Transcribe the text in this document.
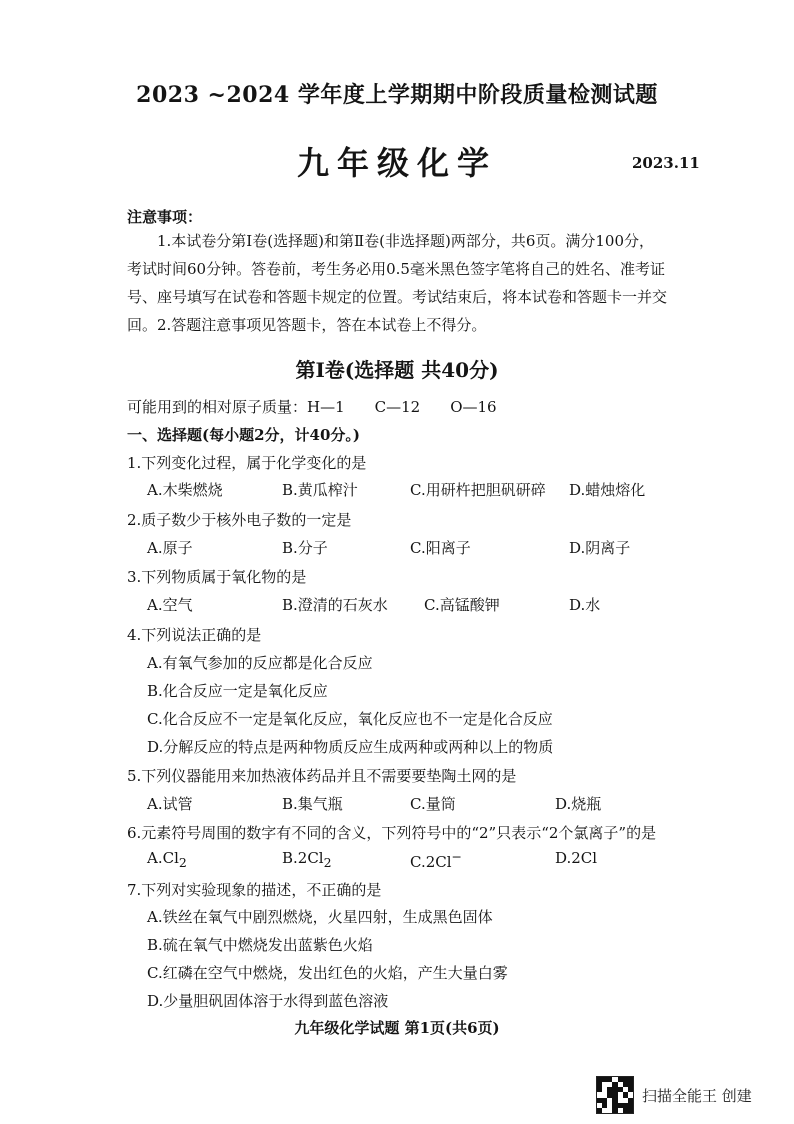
2023 ~2024 学年度上学期期中阶段质量检测试题
九年级化学	2023.11
注意事项：
1.本试卷分第Ⅰ卷(选择题)和第Ⅱ卷(非选择题)两部分，共6页。满分100分，考试时间60分钟。答卷前，考生务必用0.5毫米黑色签字笔将自己的姓名、准考证号、座号填写在试卷和答题卡规定的位置。考试结束后，将本试卷和答题卡一并交回。 2.答题注意事项见答题卡，答在本试卷上不得分。
第Ⅰ卷(选择题 共40分)
可能用到的相对原子质量：H—1　　C—12　　O—16
一、选择题(每小题2分，计40分。)
1.下列变化过程，属于化学变化的是
A.木柴燃烧	B.黄瓜榨汁	C.用研杵把胆矾研碎 D.蜡烛熔化
2.质子数少于核外电子数的一定是
A.原子	B.分子	C.阳离子	D.阴离子
3.下列物质属于氧化物的是
A.空气	B.澄清的石灰水 C.高锰酸钾	D.水
4.下列说法正确的是
A.有氧气参加的反应都是化合反应
B.化合反应一定是氧化反应
C.化合反应不一定是氧化反应，氧化反应也不一定是化合反应
D.分解反应的特点是两种物质反应生成两种或两种以上的物质
5.下列仪器能用来加热液体药品并且不需要要垫陶土网的是
A.试管	B.集气瓶	C.量筒	D.烧瓶
6.元素符号周围的数字有不同的含义，下列符号中的“2”只表示“2个氯离子”的是
$A.Cl_2$	$B.2Cl_2$	C.2Cl−	D.2Cl
7.下列对实验现象的描述，不正确的是
A.铁丝在氧气中剧烈燃烧，火星四射，生成黑色固体
B.硫在氧气中燃烧发出蓝紫色火焰
C.红磷在空气中燃烧，发出红色的火焰，产生大量白雾
D.少量胆矾固体溶于水得到蓝色溶液
九年级化学试题 第1页(共6页)
扫描全能王 创建
